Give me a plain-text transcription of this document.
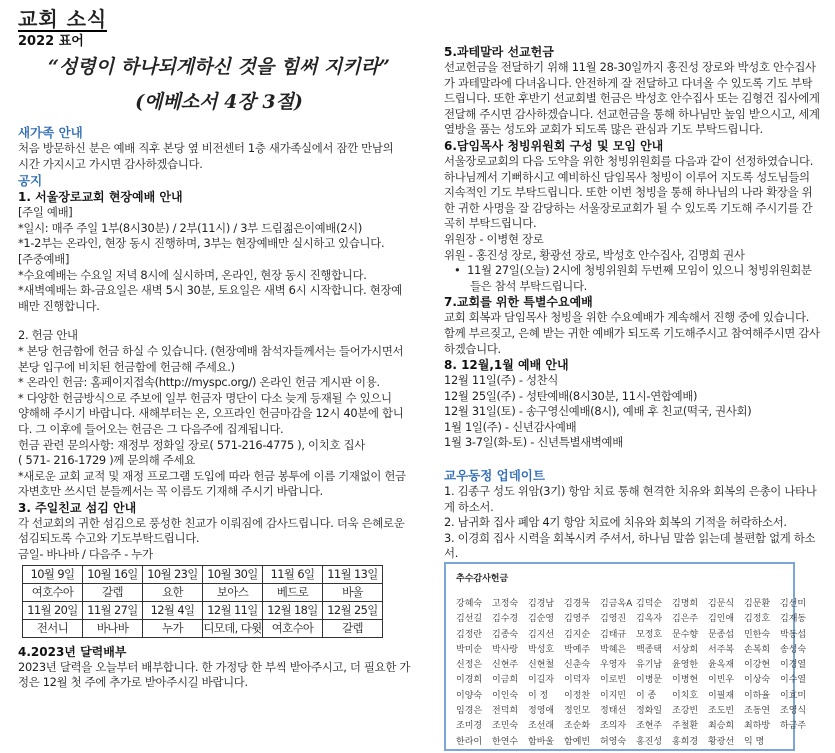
교회 소식
2022 표어
“성령이 하나되게하신 것을 힘써 지키라”
(에베소서 4장 3절)
새가족 안내
처음 방문하신 분은 예배 직후 본당 옆 비전센터 1층 새가족실에서 잠깐 만남의
시간 가지시고 가시면 감사하겠습니다.
공지
1. 서울장로교회 현장예배 안내
[주일 예배]
*일시: 매주 주일 1부(8시30분) / 2부(11시) / 3부 드림젊은이예배(2시)
*1-2부는 온라인, 현장 동시 진행하며, 3부는 현장예배만 실시하고 있습니다.
[주중예배]
*수요예배는 수요일 저녁 8시에 실시하며, 온라인, 현장 동시 진행합니다.
*새벽예배는 화-금요일은 새벽 5시 30분, 토요일은 새벽 6시 시작합니다. 현장예
배만 진행합니다.
2. 헌금 안내
* 본당 헌금함에 헌금 하실 수 있습니다. (현장예배 참석자들께서는 들어가시면서
본당 입구에 비치된 헌금함에 헌금해 주세요.)
* 온라인 헌금: 홈페이지접속(http://myspc.org/) 온라인 헌금 게시판 이용.
* 다양한 헌금방식으로 주보에 일부 헌금자 명단이 다소 늦게 등재될 수 있으니
양해해 주시기 바랍니다. 새해부터는 온, 오프라인 헌금마감을 12시 40분에 합니
다. 그 이후에 들어오는 헌금은 그 다음주에 집계됩니다.
헌금 관련 문의사항: 재정부 정화일 장로( 571-216-4775 ), 이치호 집사
( 571- 216-1729 )께 문의해 주세요
*새로운 교회 교적 및 재정 프로그램 도입에 따라 헌금 봉투에 이름 기재없이 헌금
자변호만 쓰시던 분들께서는 꼭 이름도 기재해 주시기 바랍니다.
3. 주일친교 섬김 안내
각 선교회의 귀한 섬김으로 풍성한 친교가 이뤄짐에 감사드립니다. 더욱 은혜로운
섬김되도록 수고와 기도부탁드립니다.
금일- 바나바 / 다음주 - 누가
10월 9일	10월 16일	10월 23일	10월 30일	11월 6일	11월 13일
여호수아	갈렙	요한	보아스	베드로	바울
11월 20일	11월 27일	12월 4일	12월 11일	12월 18일	12월 25일
전서니	바나바	누가	디모데, 다윗	여호수아	갈렙
4.2023년 달력배부
2023년 달력을 오늘부터 배부합니다. 한 가정당 한 부씩 받아주시고, 더 필요한 가
정은 12월 첫 주에 추가로 받아주시길 바랍니다.
5.과테말라 선교헌금
선교헌금을 전달하기 위해 11월 28-30일까지 홍진성 장로와 박성호 안수집사
가 과테말라에 다녀옵니다. 안전하게 잘 전달하고 다녀올 수 있도록 기도 부탁
드립니다. 또한 후반기 선교회별 헌금은 박성호 안수집사 또는 김형건 집사에게
전달해 주시면 감사하겠습니다. 선교헌금을 통해 하나님만 높임 받으시고, 세계
열방을 품는 성도와 교회가 되도록 많은 관심과 기도 부탁드립니다.
6.담임목사 청빙위원회 구성 및 모임 안내
서울장로교회의 다음 도약을 위한 청빙위원회를 다음과 같이 선정하였습니다.
하나님께서 기뻐하시고 예비하신 담임목사 청빙이 이루어 지도록 성도님들의
지속적인 기도 부탁드립니다. 또한 이번 청빙을 통해 하나님의 나라 확장을 위
한 귀한 사명을 잘 감당하는 서울장로교회가 될 수 있도록 기도해 주시기를 간
곡히 부탁드립니다.
위원장 - 이병현 장로
위원 - 홍진성 장로, 황광선 장로, 박성호 안수집사, 김명희 권사
•  11월 27일(오늘) 2시에 청빙위원회 두번째 모임이 있으니 청빙위원회분
들은 참석 부탁드립니다.
7.교회를 위한 특별수요예배
교회 회복과 담임목사 청빙을 위한 수요예배가 계속해서 진행 중에 있습니다.
함께 부르짖고, 은혜 받는 귀한 예배가 되도록 기도해주시고 참여해주시면 감사
하겠습니다.
8. 12월,1월 예배 안내
12월 11일(주) - 성찬식
12월 25일(주) - 성탄예배(8시30분, 11시-연합예배)
12월 31일(토) - 송구영신예배(8시), 예배 후 친교(떡국, 권사회)
1월 1일(주) - 신년감사예배
1월 3-7일(화-토) - 신년특별새벽예배
교우동정 업데이트
1. 김종구 성도 위암(3기) 항암 치료 통해 현격한 치유와 회복의 은총이 나타나
게 하소서.
2. 남귀화 집사 폐암 4기 항암 치료에 치유와 회복의 기적을 허락하소서.
3. 이경희 집사 시력을 회복시켜 주셔서, 하나님 말씀 읽는데 불편함 없게 하소
서.
추수감사헌금
강혜숙 고정숙 김경남 김경묵 김금옥A 김덕순 김명희 김문식 김문환 김선미
김선길 김수경 김순영 김영주 김영진 김옥자 김은주 김인애 김정호 김재동
김정란 김종숙 김지선 김지순 김태규 모정호 문수향 문종섭 민한숙 박동섭
박미순 박사랑 박성호 박예주 박혜은 백종택 서상희 서주복 손복희 송성숙
신정은 신현주 신현철 신춘숙 우영자 유기남 윤영한 윤옥재 이강현 이경열
이경희 이금희 이길자 이덕자 이로빈 이병문 이병현 이빈우 이상숙 이수열
이양숙 이인숙 이 정 이정찬 이지민 이 종 이치호 이필재 이하율 이효미
임경은 전덕희 정영애 정인모 정태선 정화일 조강빈 조도빈 조동연 조영식
조미경 조민숙 조선래 조순화 조의자 조현주 주철환 최승희 최하방 하금주
한라이 한연수 함바울 함예빈 허영숙 홍진성 홍희경 황광선 익 명
